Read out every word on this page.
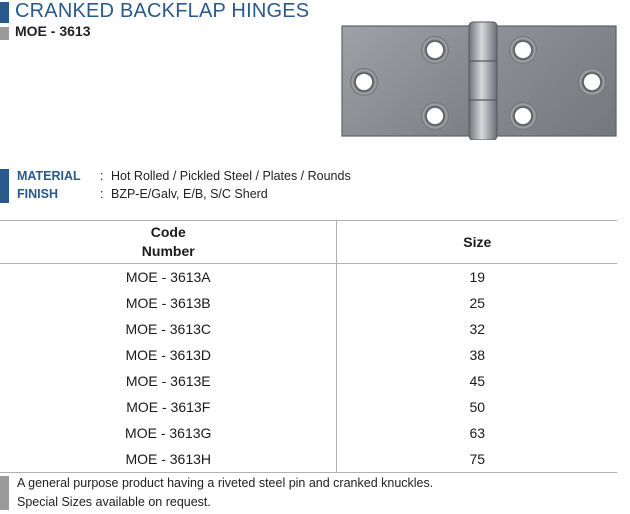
CRANKED BACKFLAP HINGES
MOE - 3613
MATERIAL : Hot Rolled / Pickled Steel / Plates / Rounds
FINISH	: BZP-E/Galv, E/B, S/C Sherd
Code Number	Size
MOE - 3613A	19
MOE - 3613B	25
MOE - 3613C	32
MOE - 3613D	38
MOE - 3613E	45
MOE - 3613F	50
MOE - 3613G	63
MOE - 3613H	75
A general purpose product having a riveted steel pin and cranked knuckles.
Special Sizes available on request.
